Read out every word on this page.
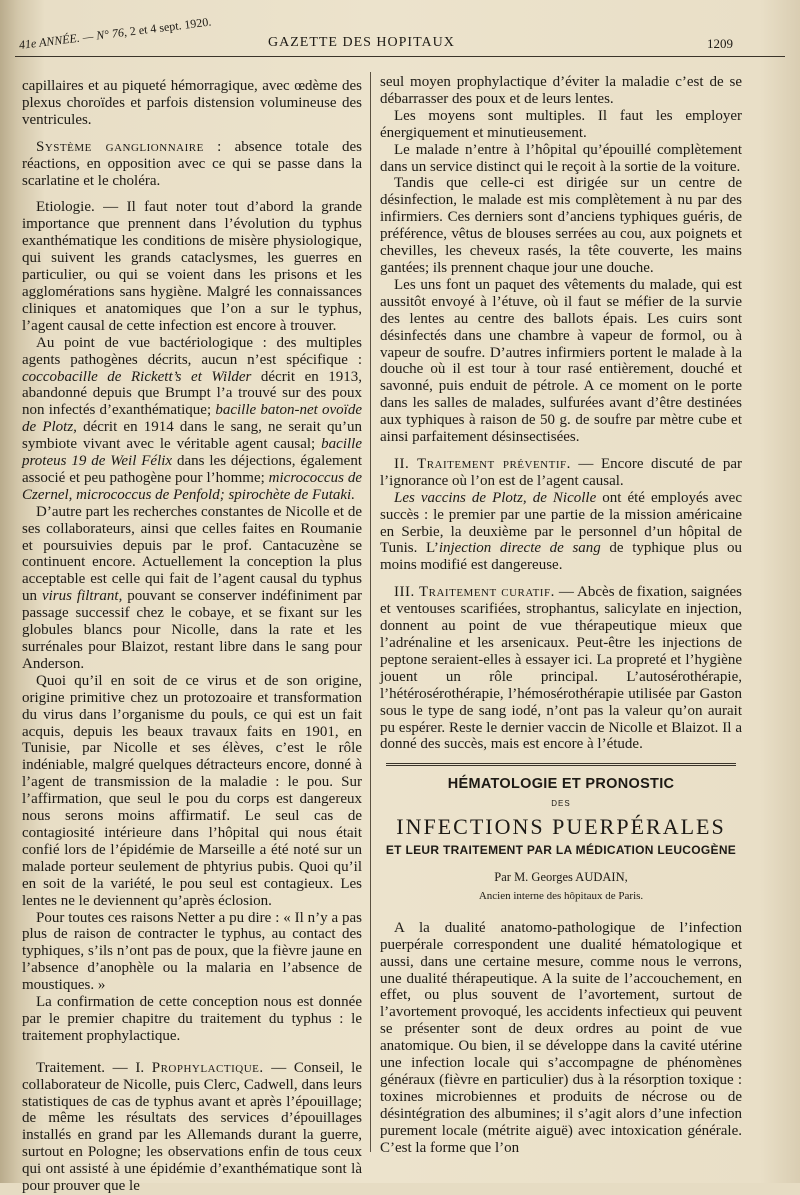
41e ANNÉE. — N° 76, 2 et 4 sept. 1920.
GAZETTE DES HOPITAUX	1209

capillaires et au piqueté hémorragique, avec œdème des plexus choroïdes et parfois distension volumineuse des ventricules.

Système ganglionnaire : absence totale des réactions, en opposition avec ce qui se passe dans la scarlatine et le choléra.

Etiologie. — Il faut noter tout d’abord la grande importance que prennent dans l’évolution du typhus exanthématique les conditions de misère physiologique, qui suivent les grands cataclysmes, les guerres en particulier, ou qui se voient dans les prisons et les agglomérations sans hygiène. Malgré les connaissances cliniques et anatomiques que l’on a sur le typhus, l’agent causal de cette infection est encore à trouver.

Au point de vue bactériologique : des multiples agents pathogènes décrits, aucun n’est spécifique : coccobacille de Rickett’s et Wilder décrit en 1913, abandonné depuis que Brumpt l’a trouvé sur des poux non infectés d’exanthématique; bacille baton-net ovoïde de Plotz, décrit en 1914 dans le sang, ne serait qu’un symbiote vivant avec le véritable agent causal; bacille proteus 19 de Weil Félix dans les déjections, également associé et peu pathogène pour l’homme; micrococcus de Czernel, micrococcus de Penfold; spirochète de Futaki.

D’autre part les recherches constantes de Nicolle et de ses collaborateurs, ainsi que celles faites en Roumanie et poursuivies depuis par le prof. Cantacuzène se continuent encore. Actuellement la conception la plus acceptable est celle qui fait de l’agent causal du typhus un virus filtrant, pouvant se conserver indéfiniment par passage successif chez le cobaye, et se fixant sur les globules blancs pour Nicolle, dans la rate et les surrénales pour Blaizot, restant libre dans le sang pour Anderson.

Quoi qu’il en soit de ce virus et de son origine, origine primitive chez un protozoaire et transformation du virus dans l’organisme du pouls, ce qui est un fait acquis, depuis les beaux travaux faits en 1901, en Tunisie, par Nicolle et ses élèves, c’est le rôle indéniable, malgré quelques détracteurs encore, donné à l’agent de transmission de la maladie : le pou. Sur l’affirmation, que seul le pou du corps est dangereux nous serons moins affirmatif. Le seul cas de contagiosité intérieure dans l’hôpital qui nous était confié lors de l’épidémie de Marseille a été noté sur un malade porteur seulement de phtyrius pubis. Quoi qu’il en soit de la variété, le pou seul est contagieux. Les lentes ne le deviennent qu’après éclosion.

Pour toutes ces raisons Netter a pu dire : « Il n’y a pas plus de raison de contracter le typhus, au contact des typhiques, s’ils n’ont pas de poux, que la fièvre jaune en l’absence d’anophèle ou la malaria en l’absence de moustiques. »

La confirmation de cette conception nous est donnée par le premier chapitre du traitement du typhus : le traitement prophylactique.

Traitement. — I. Prophylactique. — Conseil, le collaborateur de Nicolle, puis Clerc, Cadwell, dans leurs statistiques de cas de typhus avant et après l’épouillage; de même les résultats des services d’épouillages installés en grand par les Allemands durant la guerre, surtout en Pologne; les observations enfin de tous ceux qui ont assisté à une épidémie d’exanthématique sont là pour prouver que le

seul moyen prophylactique d’éviter la maladie c’est de se débarrasser des poux et de leurs lentes.

Les moyens sont multiples. Il faut les employer énergiquement et minutieusement.

Le malade n’entre à l’hôpital qu’épouillé complètement dans un service distinct qui le reçoit à la sortie de la voiture.

Tandis que celle-ci est dirigée sur un centre de désinfection, le malade est mis complètement à nu par des infirmiers. Ces derniers sont d’anciens typhiques guéris, de préférence, vêtus de blouses serrées au cou, aux poignets et chevilles, les cheveux rasés, la tête couverte, les mains gantées; ils prennent chaque jour une douche.

Les uns font un paquet des vêtements du malade, qui est aussitôt envoyé à l’étuve, où il faut se méfier de la survie des lentes au centre des ballots épais. Les cuirs sont désinfectés dans une chambre à vapeur de formol, ou à vapeur de soufre. D’autres infirmiers portent le malade à la douche où il est tour à tour rasé entièrement, douché et savonné, puis enduit de pétrole. A ce moment on le porte dans les salles de malades, sulfurées avant d’être destinées aux typhiques à raison de 50 g. de soufre par mètre cube et ainsi parfaitement désinsectisées.

II. Traitement préventif. — Encore discuté de par l’ignorance où l’on est de l’agent causal.

Les vaccins de Plotz, de Nicolle ont été employés avec succès : le premier par une partie de la mission américaine en Serbie, la deuxième par le personnel d’un hôpital de Tunis. L’injection directe de sang de typhique plus ou moins modifié est dangereuse.

III. Traitement curatif. — Abcès de fixation, saignées et ventouses scarifiées, strophantus, salicylate en injection, donnent au point de vue thérapeutique mieux que l’adrénaline et les arsenicaux. Peut-être les injections de peptone seraient-elles à essayer ici. La propreté et l’hygiène jouent un rôle principal. L’autosérothérapie, l’hétérosérothérapie, l’hémosérothérapie utilisée par Gaston sous le type de sang iodé, n’ont pas la valeur qu’on aurait pu espérer. Reste le dernier vaccin de Nicolle et Blaizot. Il a donné des succès, mais est encore à l’étude.

HÉMATOLOGIE ET PRONOSTIC
DES
INFECTIONS PUERPÉRALES
ET LEUR TRAITEMENT PAR LA MÉDICATION LEUCOGÈNE
Par M. Georges AUDAIN,
Ancien interne des hôpitaux de Paris.

A la dualité anatomo-pathologique de l’infection puerpérale correspondent une dualité hématologique et aussi, dans une certaine mesure, comme nous le verrons, une dualité thérapeutique. A la suite de l’accouchement, en effet, ou plus souvent de l’avortement, surtout de l’avortement provoqué, les accidents infectieux qui peuvent se présenter sont de deux ordres au point de vue anatomique. Ou bien, il se développe dans la cavité utérine une infection locale qui s’accompagne de phénomènes généraux (fièvre en particulier) dus à la résorption toxique : toxines microbiennes et produits de nécrose ou de désintégration des albumines; il s’agit alors d’une infection purement locale (métrite aiguë) avec intoxication générale. C’est la forme que l’on
